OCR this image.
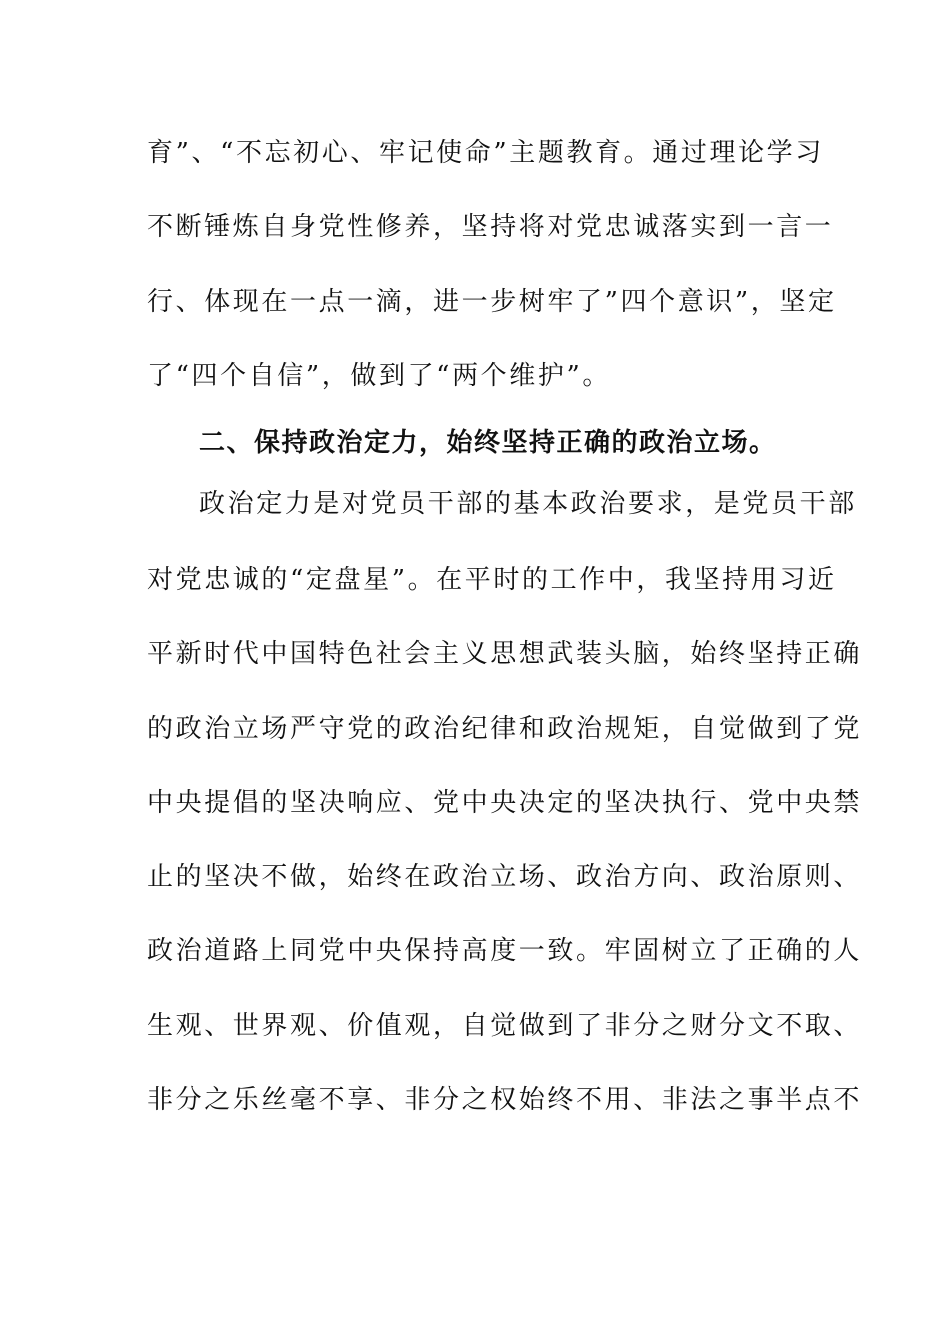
育”、“不忘初心、牢记使命”主题教育。通过理论学习
不断锤炼自身党性修养，坚持将对党忠诚落实到一言一
行、体现在一点一滴，进一步树牢了”四个意识”，坚定
了“四个自信”，做到了“两个维护”。
二、保持政治定力，始终坚持正确的政治立场。
政治定力是对党员干部的基本政治要求，是党员干部
对党忠诚的“定盘星”。在平时的工作中，我坚持用习近
平新时代中国特色社会主义思想武装头脑，始终坚持正确
的政治立场严守党的政治纪律和政治规矩，自觉做到了党
中央提倡的坚决响应、党中央决定的坚决执行、党中央禁
止的坚决不做，始终在政治立场、政治方向、政治原则、
政治道路上同党中央保持高度一致。牢固树立了正确的人
生观、世界观、价值观，自觉做到了非分之财分文不取、
非分之乐丝毫不享、非分之权始终不用、非法之事半点不
